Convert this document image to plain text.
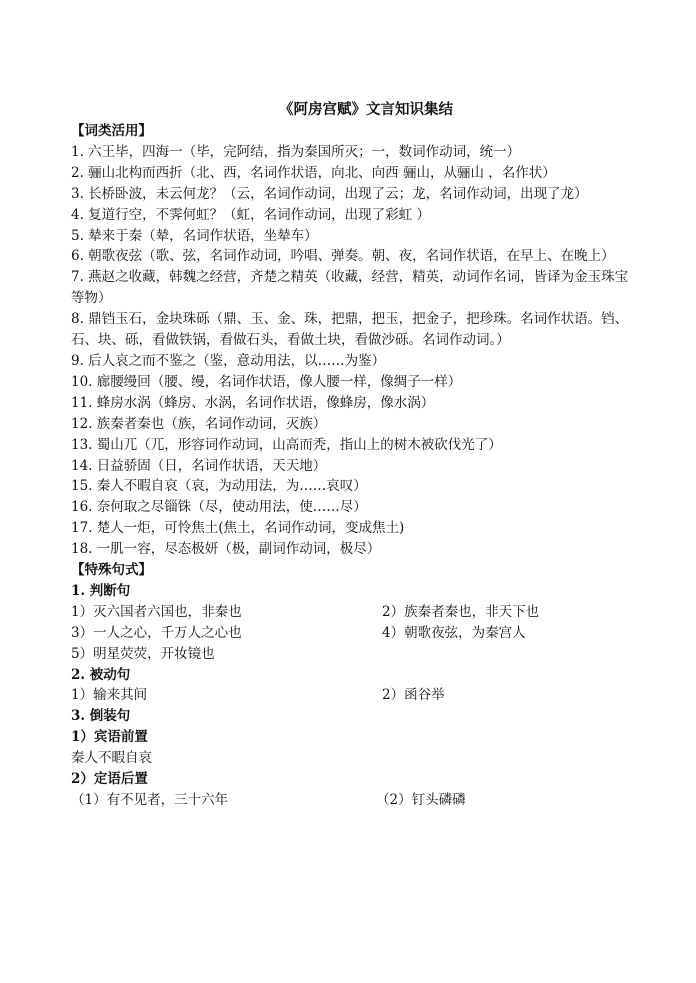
《阿房宫赋》文言知识集结
【词类活用】
1. 六王毕，四海一（毕，完阿结，指为秦国所灭；一，数词作动词，统一）
2. 骊山北构而西折（北、西，名词作状语，向北、向西 骊山，从骊山 ，名作状）
3. 长桥卧波，未云何龙？（云，名词作动词，出现了云；龙，名词作动词，出现了龙）
4. 复道行空，不霁何虹？（虹，名词作动词，出现了彩虹 ）
5. 辇来于秦（辇，名词作状语，坐辇车）
6. 朝歌夜弦（歌、弦，名词作动词，吟唱、弹奏。朝、夜，名词作状语，在早上、在晚上）
7. 燕赵之收藏，韩魏之经营，齐楚之精英（收藏，经营，精英，动词作名词，皆译为金玉珠宝等物）
8. 鼎铛玉石，金块珠砾（鼎、玉、金、珠，把鼎，把玉，把金子，把珍珠。名词作状语。铛、石、块、砾，看做铁锅，看做石头，看做土块，看做沙砾。名词作动词。）
9. 后人哀之而不鉴之（鉴，意动用法，以……为鉴）
10. 廊腰缦回（腰、缦，名词作状语，像人腰一样，像绸子一样）
11. 蜂房水涡（蜂房、水涡，名词作状语，像蜂房，像水涡）
12. 族秦者秦也（族，名词作动词，灭族）
13. 蜀山兀（兀，形容词作动词，山高而秃，指山上的树木被砍伐光了）
14. 日益骄固（日，名词作状语，天天地）
15. 秦人不暇自哀（哀，为动用法，为……哀叹）
16. 奈何取之尽锱铢（尽，使动用法，使……尽）
17. 楚人一炬，可怜焦土(焦土，名词作动词，变成焦土)
18. 一肌一容，尽态极妍（极，副词作动词，极尽）
【特殊句式】
1. 判断句
1）灭六国者六国也，非秦也	2）族秦者秦也，非天下也
3）一人之心，千万人之心也	4）朝歌夜弦，为秦宫人
5）明星荧荧，开妆镜也
2. 被动句
1）输来其间	2）函谷举
3. 倒装句
1）宾语前置
秦人不暇自哀
2）定语后置
（1）有不见者，三十六年	（2）钉头磷磷
